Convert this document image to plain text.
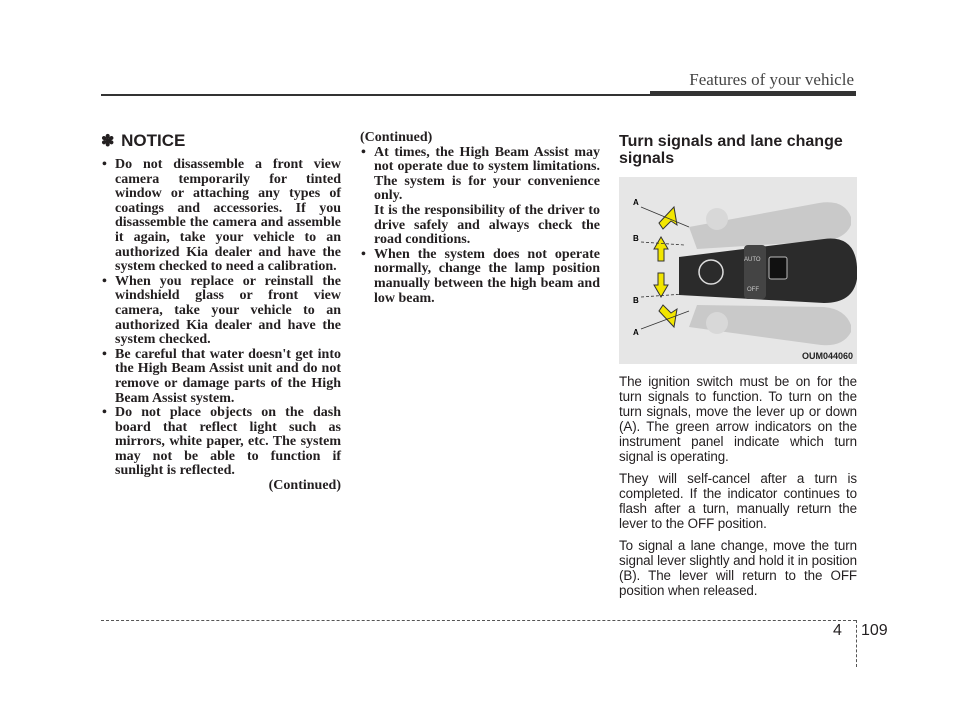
Features of your vehicle
✽ NOTICE
• Do not disassemble a front view camera temporarily for tinted window or attaching any types of coatings and accessories. If you disassemble the camera and assemble it again, take your vehicle to an authorized Kia dealer and have the system checked to need a calibration.
• When you replace or reinstall the windshield glass or front view camera, take your vehicle to an authorized Kia dealer and have the system checked.
• Be careful that water doesn't get into the High Beam Assist unit and do not remove or damage parts of the High Beam Assist system.
• Do not place objects on the dash board that reflect light such as mirrors, white paper, etc. The system may not be able to function if sunlight is reflected.
(Continued)
(Continued)
• At times, the High Beam Assist may not operate due to system limitations. The system is for your convenience only.
It is the responsibility of the driver to drive safely and always check the road conditions.
• When the system does not operate normally, change the lamp position manually between the high beam and low beam.
Turn signals and lane change signals
AUTO
OFF
A
B
B
A
OUM044060

The ignition switch must be on for the turn signals to function. To turn on the turn signals, move the lever up or down (A). The green arrow indicators on the instrument panel indicate which turn signal is operating.

They will self-cancel after a turn is completed. If the indicator continues to flash after a turn, manually return the lever to the OFF position.

To signal a lane change, move the turn signal lever slightly and hold it in position (B). The lever will return to the OFF position when released.

4 109
